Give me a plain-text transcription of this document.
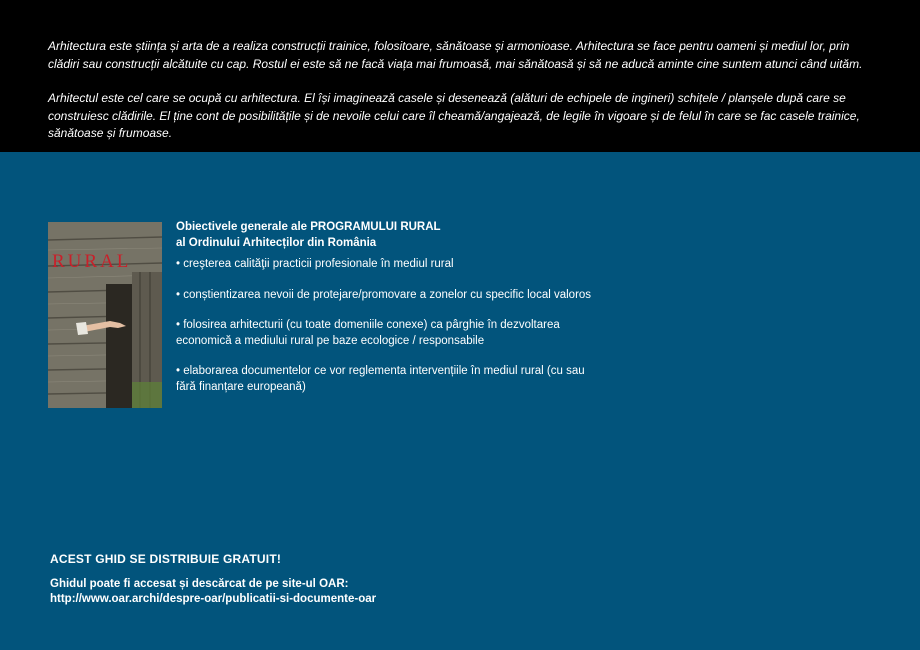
Arhitectura este știința și arta de a realiza construcții trainice, folositoare, sănătoase și armonioase. Arhitectura se face pentru oameni și mediul lor, prin clădiri sau construcții alcătuite cu cap. Rostul ei este să ne facă viața mai frumoasă, mai sănătoasă și să ne aducă aminte cine suntem atunci când uităm.

Arhitectul este cel care se ocupă cu arhitectura. El își imaginează casele și desenează (alături de echipele de ingineri) schițele / planșele după care se construiesc clădirile. El ține cont de posibilitățile și de nevoile celui care îl cheamă/angajează, de legile în vigoare și de felul în care se fac casele trainice, sănătoase și frumoase.

RURAL

Obiectivele generale ale PROGRAMULUI RURAL
al Ordinului Arhitecților din România

• creşterea calităţii practicii profesionale în mediul rural

• conștientizarea nevoii de protejare/promovare a zonelor cu specific local valoros

• folosirea arhitecturii (cu toate domeniile conexe) ca pârghie în dezvoltarea economică a mediului rural pe baze ecologice / responsabile

• elaborarea documentelor ce vor reglementa intervențiile în mediul rural (cu sau fără finanțare europeană)

ACEST GHID SE DISTRIBUIE GRATUIT!

Ghidul poate fi accesat și descărcat de pe site-ul OAR:

http://www.oar.archi/despre-oar/publicatii-si-documente-oar
